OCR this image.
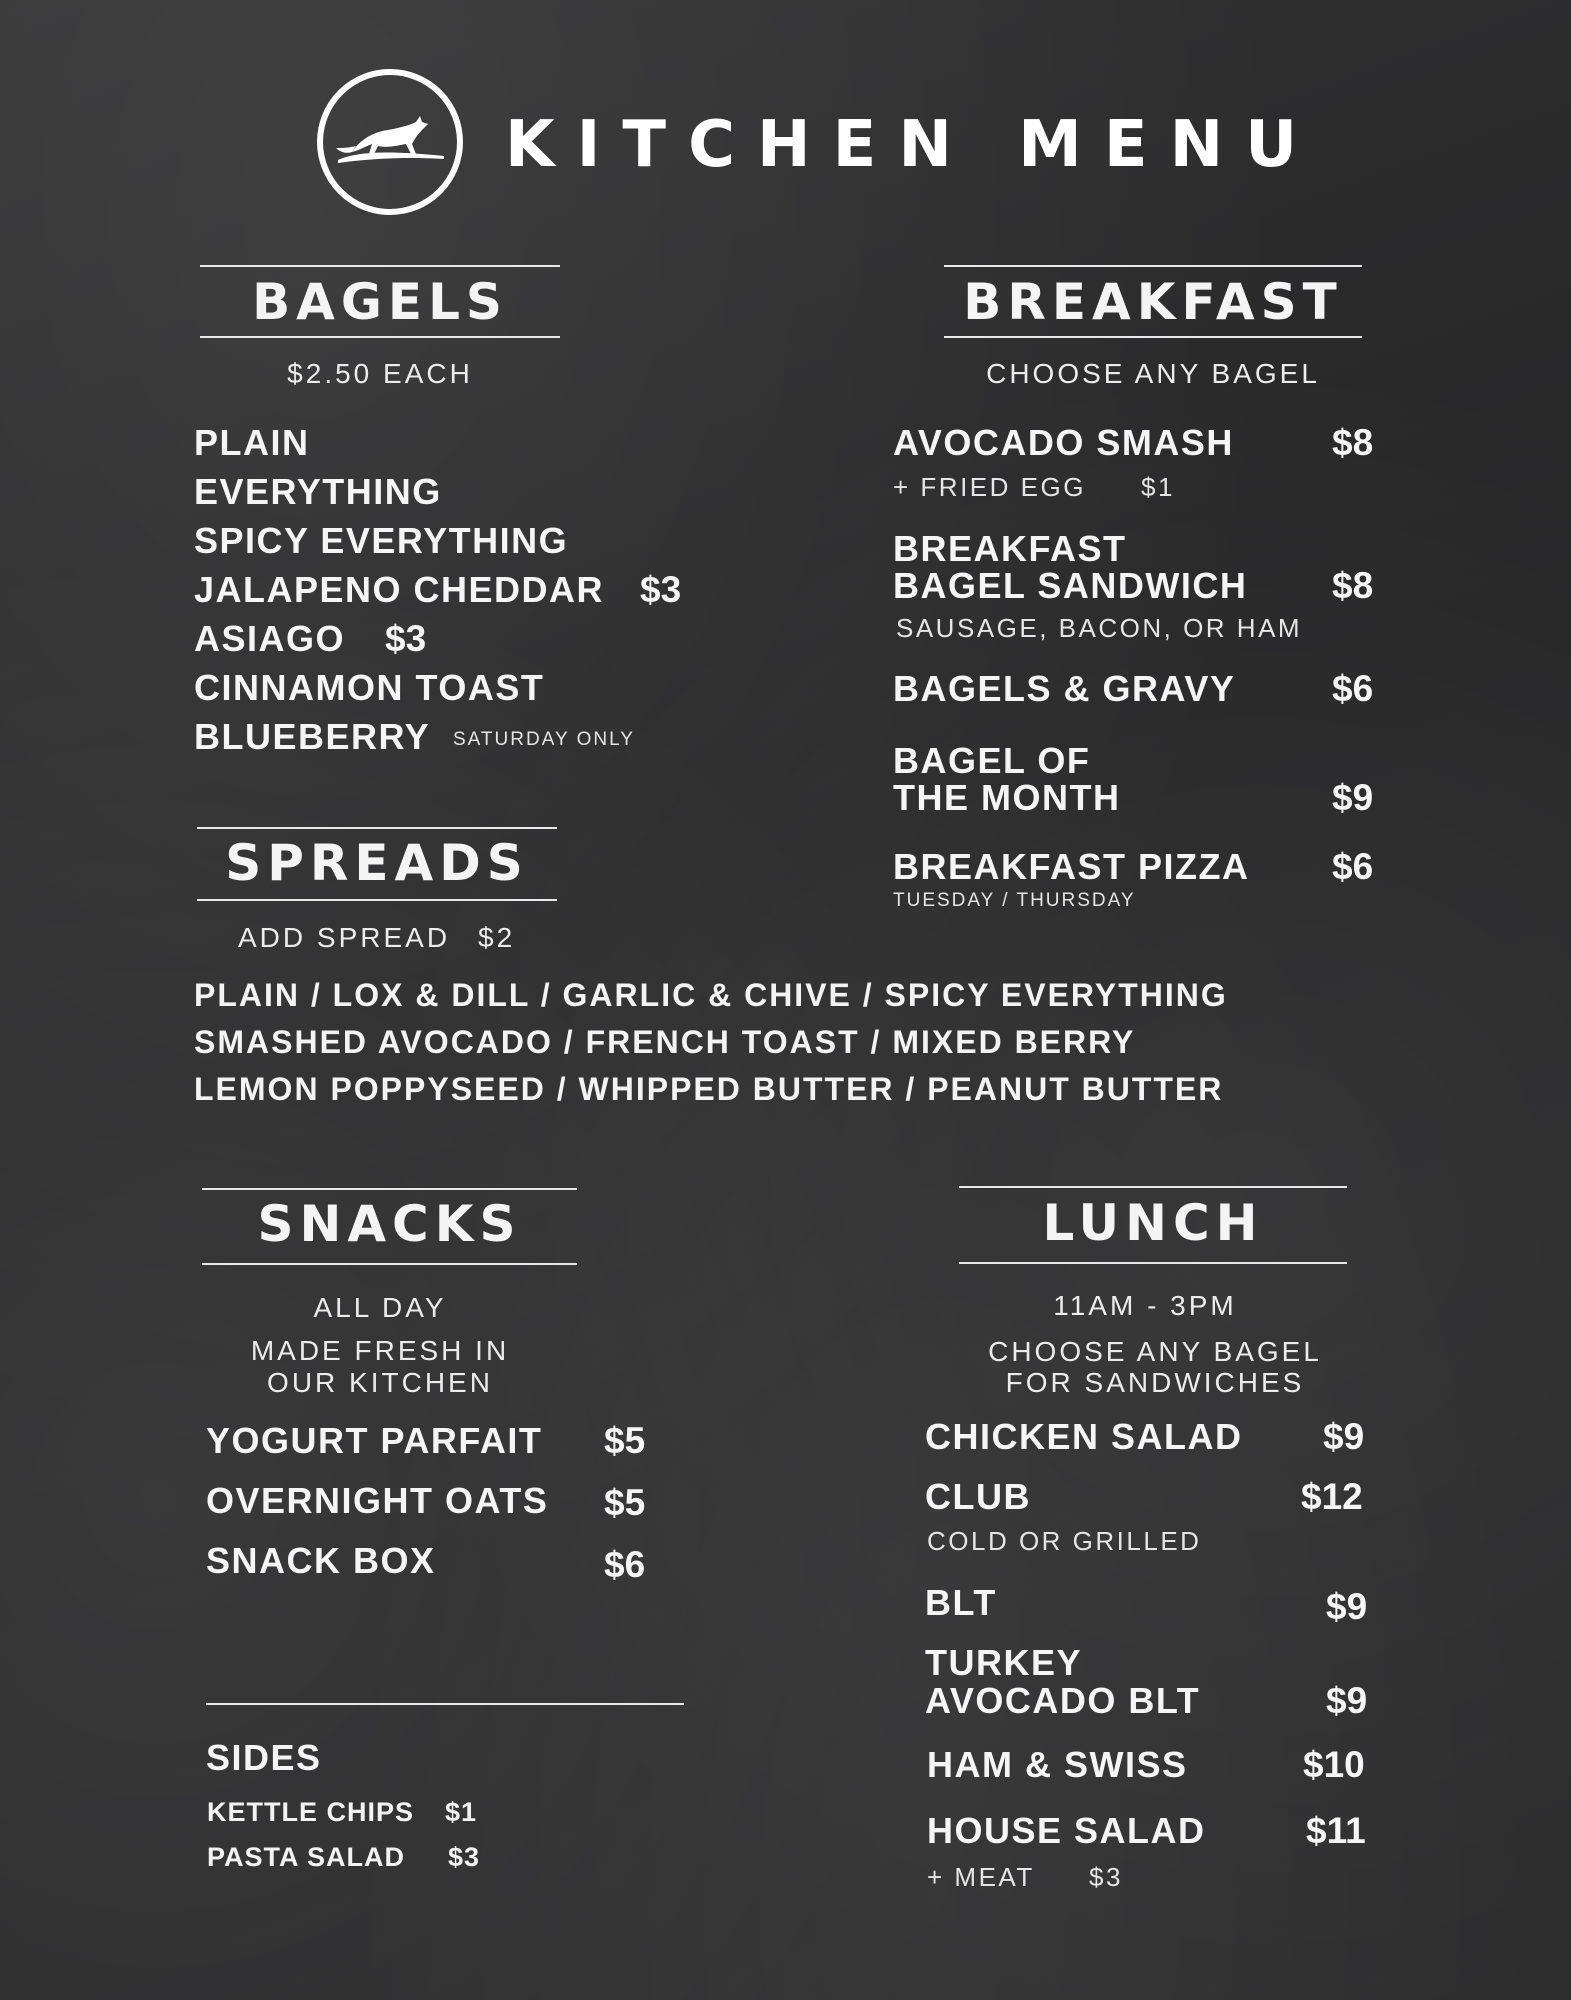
KITCHEN MENU
BAGELS
$2.50 EACH
PLAIN
EVERYTHING
SPICY EVERYTHING
JALAPENO CHEDDAR $3
ASIAGO $3
CINNAMON TOAST
BLUEBERRY SATURDAY ONLY
BREAKFAST
CHOOSE ANY BAGEL
AVOCADO SMASH	$8
+ FRIED EGG $1
BREAKFAST
BAGEL SANDWICH $8
SAUSAGE, BACON, OR HAM
BAGELS & GRAVY	$6
BAGEL OF
THE MONTH	$9
BREAKFAST PIZZA $6
TUESDAY / THURSDAY
SPREADS
ADD SPREAD $2
PLAIN / LOX & DILL / GARLIC & CHIVE / SPICY EVERYTHING
SMASHED AVOCADO / FRENCH TOAST / MIXED BERRY
LEMON POPPYSEED / WHIPPED BUTTER / PEANUT BUTTER
SNACKS
ALL DAY
MADE FRESH IN
OUR KITCHEN
YOGURT PARFAIT $5
OVERNIGHT OATS $5
SNACK BOX	$6
SIDES
KETTLE CHIPS $1
PASTA SALAD $3
LUNCH
11AM - 3PM
CHOOSE ANY BAGEL
FOR SANDWICHES
CHICKEN SALAD $9
CLUB	$12
COLD OR GRILLED
BLT	$9
TURKEY
AVOCADO BLT	$9
HAM & SWISS	$10
HOUSE SALAD	$11
+ MEAT $3
